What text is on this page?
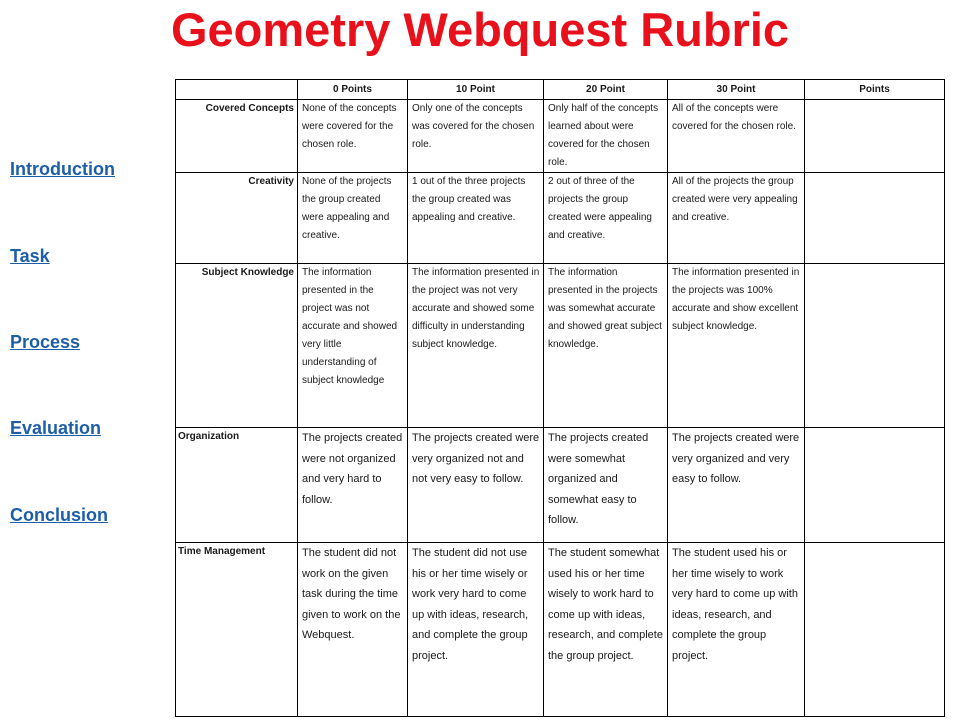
Geometry Webquest Rubric
Introduction
Task
Process
Evaluation
Conclusion
	0 Points	10 Point	20 Point	30 Point	Points
Covered Concepts	None of the concepts were covered for the chosen role.	Only one of the concepts was covered for the chosen role.	Only half of the concepts learned about were covered for the chosen role.	All of the concepts were covered for the chosen role.	
Creativity	None of the projects the group created were appealing and creative.	1 out of the three projects the group created was appealing and creative.	2 out of three of the projects the group created were appealing and creative.	All of the projects the group created were very appealing and creative.	
Subject Knowledge	The information presented in the project was not accurate and showed very little understanding of subject knowledge	The information presented in the project was not very accurate and showed some difficulty in understanding subject knowledge.	The information presented in the projects was somewhat accurate and showed great subject knowledge.	The information presented in the projects was 100% accurate and show excellent subject knowledge.	
Organization	The projects created were not organized and very hard to follow.	The projects created were very organized not and not very easy to follow.	The projects created were somewhat organized and somewhat easy to follow.	The projects created were very organized and very easy to follow.	
Time Management	The student did not work on the given task during the time given to work on the Webquest.	The student did not use his or her time wisely or work very hard to come up with ideas, research, and complete the group project.	The student somewhat used his or her time wisely to work hard to come up with ideas, research, and complete the group project.	The student used his or her time wisely to work very hard to come up with ideas, research, and complete the group project.	
